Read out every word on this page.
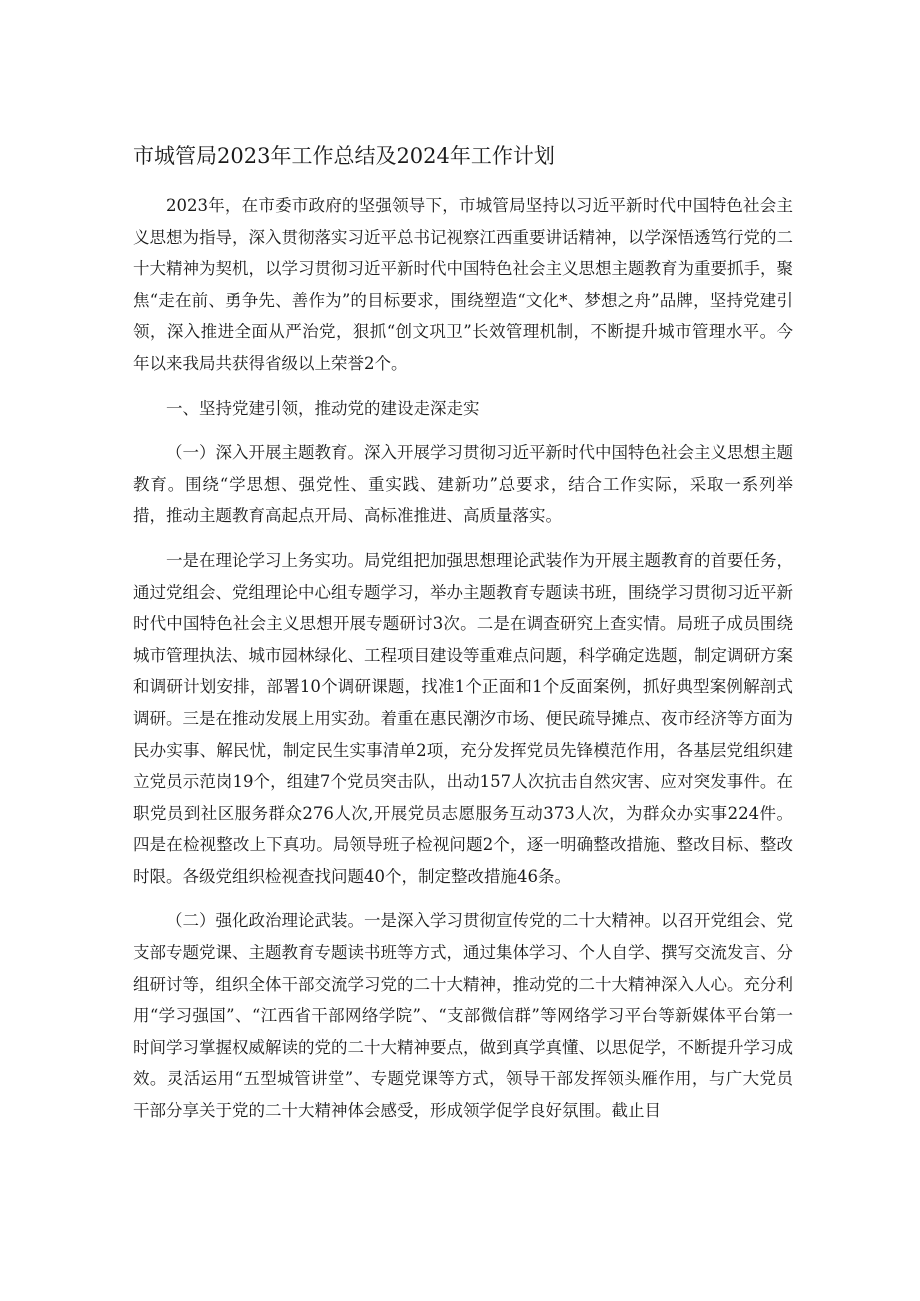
市城管局2023年工作总结及2024年工作计划

2023年，在市委市政府的坚强领导下，市城管局坚持以习近平新时代中国特色社会主义思想为指导，深入贯彻落实习近平总书记视察江西重要讲话精神，以学深悟透笃行党的二十大精神为契机，以学习贯彻习近平新时代中国特色社会主义思想主题教育为重要抓手，聚焦“走在前、勇争先、善作为”的目标要求，围绕塑造“文化*、梦想之舟”品牌，坚持党建引领，深入推进全面从严治党，狠抓“创文巩卫”长效管理机制，不断提升城市管理水平。今年以来我局共获得省级以上荣誉2个。

一、坚持党建引领，推动党的建设走深走实

（一）深入开展主题教育。深入开展学习贯彻习近平新时代中国特色社会主义思想主题教育。围绕“学思想、强党性、重实践、建新功”总要求，结合工作实际，采取一系列举措，推动主题教育高起点开局、高标准推进、高质量落实。

一是在理论学习上务实功。局党组把加强思想理论武装作为开展主题教育的首要任务，通过党组会、党组理论中心组专题学习，举办主题教育专题读书班，围绕学习贯彻习近平新时代中国特色社会主义思想开展专题研讨3次。二是在调查研究上查实情。局班子成员围绕城市管理执法、城市园林绿化、工程项目建设等重难点问题，科学确定选题，制定调研方案和调研计划安排，部署10个调研课题，找准1个正面和1个反面案例，抓好典型案例解剖式调研。三是在推动发展上用实劲。着重在惠民潮汐市场、便民疏导摊点、夜市经济等方面为民办实事、解民忧，制定民生实事清单2项，充分发挥党员先锋模范作用，各基层党组织建立党员示范岗19个，组建7个党员突击队，出动157人次抗击自然灾害、应对突发事件。在职党员到社区服务群众276人次,开展党员志愿服务互动373人次，为群众办实事224件。四是在检视整改上下真功。局领导班子检视问题2个，逐一明确整改措施、整改目标、整改时限。各级党组织检视查找问题40个，制定整改措施46条。

（二）强化政治理论武装。一是深入学习贯彻宣传党的二十大精神。以召开党组会、党支部专题党课、主题教育专题读书班等方式，通过集体学习、个人自学、撰写交流发言、分组研讨等，组织全体干部交流学习党的二十大精神，推动党的二十大精神深入人心。充分利用“学习强国”、“江西省干部网络学院”、“支部微信群”等网络学习平台等新媒体平台第一时间学习掌握权威解读的党的二十大精神要点，做到真学真懂、以思促学，不断提升学习成效。灵活运用“五型城管讲堂”、专题党课等方式，领导干部发挥领头雁作用，与广大党员干部分享关于党的二十大精神体会感受，形成领学促学良好氛围。截止目
